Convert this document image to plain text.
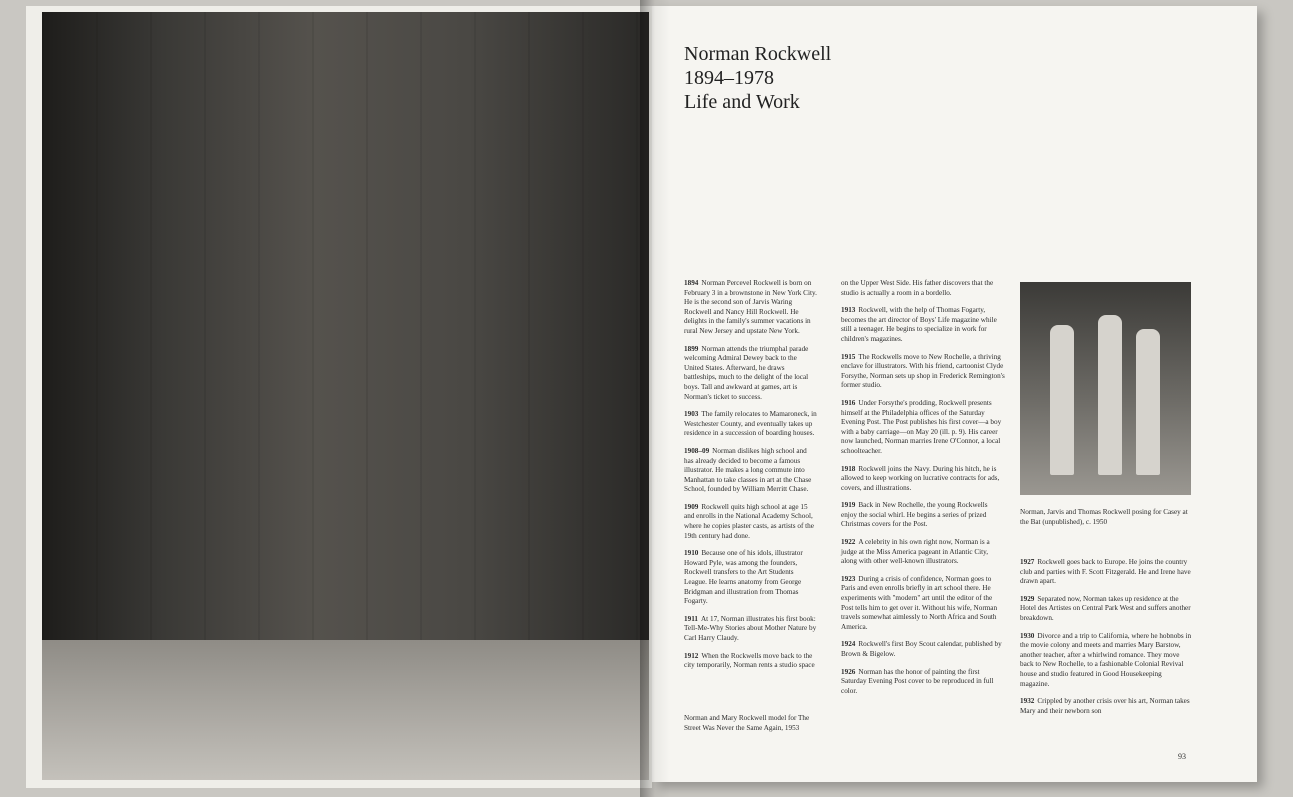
Norman Rockwell
1894–1978
Life and Work

1894 Norman Percevel Rockwell is born on February 3 in a brownstone in New York City. He is the second son of Jarvis Waring Rockwell and Nancy Hill Rockwell. He delights in the family's summer vacations in rural New Jersey and upstate New York.

1899 Norman attends the triumphal parade welcoming Admiral Dewey back to the United States. Afterward, he draws battleships, much to the delight of the local boys. Tall and awkward at games, art is Norman's ticket to success.

1903 The family relocates to Mamaroneck, in Westchester County, and eventually takes up residence in a succession of boarding houses.

1908–09 Norman dislikes high school and has already decided to become a famous illustrator. He makes a long commute into Manhattan to take classes in art at the Chase School, founded by William Merritt Chase.

1909 Rockwell quits high school at age 15 and enrolls in the National Academy School, where he copies plaster casts, as artists of the 19th century had done.

1910 Because one of his idols, illustrator Howard Pyle, was among the founders, Rockwell transfers to the Art Students League. He learns anatomy from George Bridgman and illustration from Thomas Fogarty.

1911 At 17, Norman illustrates his first book: Tell-Me-Why Stories about Mother Nature by Carl Harry Claudy.

1912 When the Rockwells move back to the city temporarily, Norman rents a studio space

on the Upper West Side. His father discovers that the studio is actually a room in a bordello.

1913 Rockwell, with the help of Thomas Fogarty, becomes the art director of Boys' Life magazine while still a teenager. He begins to specialize in work for children's magazines.

1915 The Rockwells move to New Rochelle, a thriving enclave for illustrators. With his friend, cartoonist Clyde Forsythe, Norman sets up shop in Frederick Remington's former studio.

1916 Under Forsythe's prodding, Rockwell presents himself at the Philadelphia offices of the Saturday Evening Post. The Post publishes his first cover—a boy with a baby carriage—on May 20 (ill. p. 9). His career now launched, Norman marries Irene O'Connor, a local schoolteacher.

1918 Rockwell joins the Navy. During his hitch, he is allowed to keep working on lucrative contracts for ads, covers, and illustrations.

1919 Back in New Rochelle, the young Rockwells enjoy the social whirl. He begins a series of prized Christmas covers for the Post.

1922 A celebrity in his own right now, Norman is a judge at the Miss America pageant in Atlantic City, along with other well-known illustrators.

1923 During a crisis of confidence, Norman goes to Paris and even enrolls briefly in art school there. He experiments with "modern" art until the editor of the Post tells him to get over it. Without his wife, Norman travels somewhat aimlessly to North Africa and South America.

1924 Rockwell's first Boy Scout calendar, published by Brown & Bigelow.

1926 Norman has the honor of painting the first Saturday Evening Post cover to be reproduced in full color.

Norman, Jarvis and Thomas Rockwell posing for Casey at the Bat (unpublished), c. 1950

1927 Rockwell goes back to Europe. He joins the country club and parties with F. Scott Fitzgerald. He and Irene have drawn apart.

1929 Separated now, Norman takes up residence at the Hotel des Artistes on Central Park West and suffers another breakdown.

1930 Divorce and a trip to California, where he hobnobs in the movie colony and meets and marries Mary Barstow, another teacher, after a whirlwind romance. They move back to New Rochelle, to a fashionable Colonial Revival house and studio featured in Good Housekeeping magazine.

1932 Crippled by another crisis over his art, Norman takes Mary and their newborn son

Norman and Mary Rockwell model for The Street Was Never the Same Again, 1953
93
